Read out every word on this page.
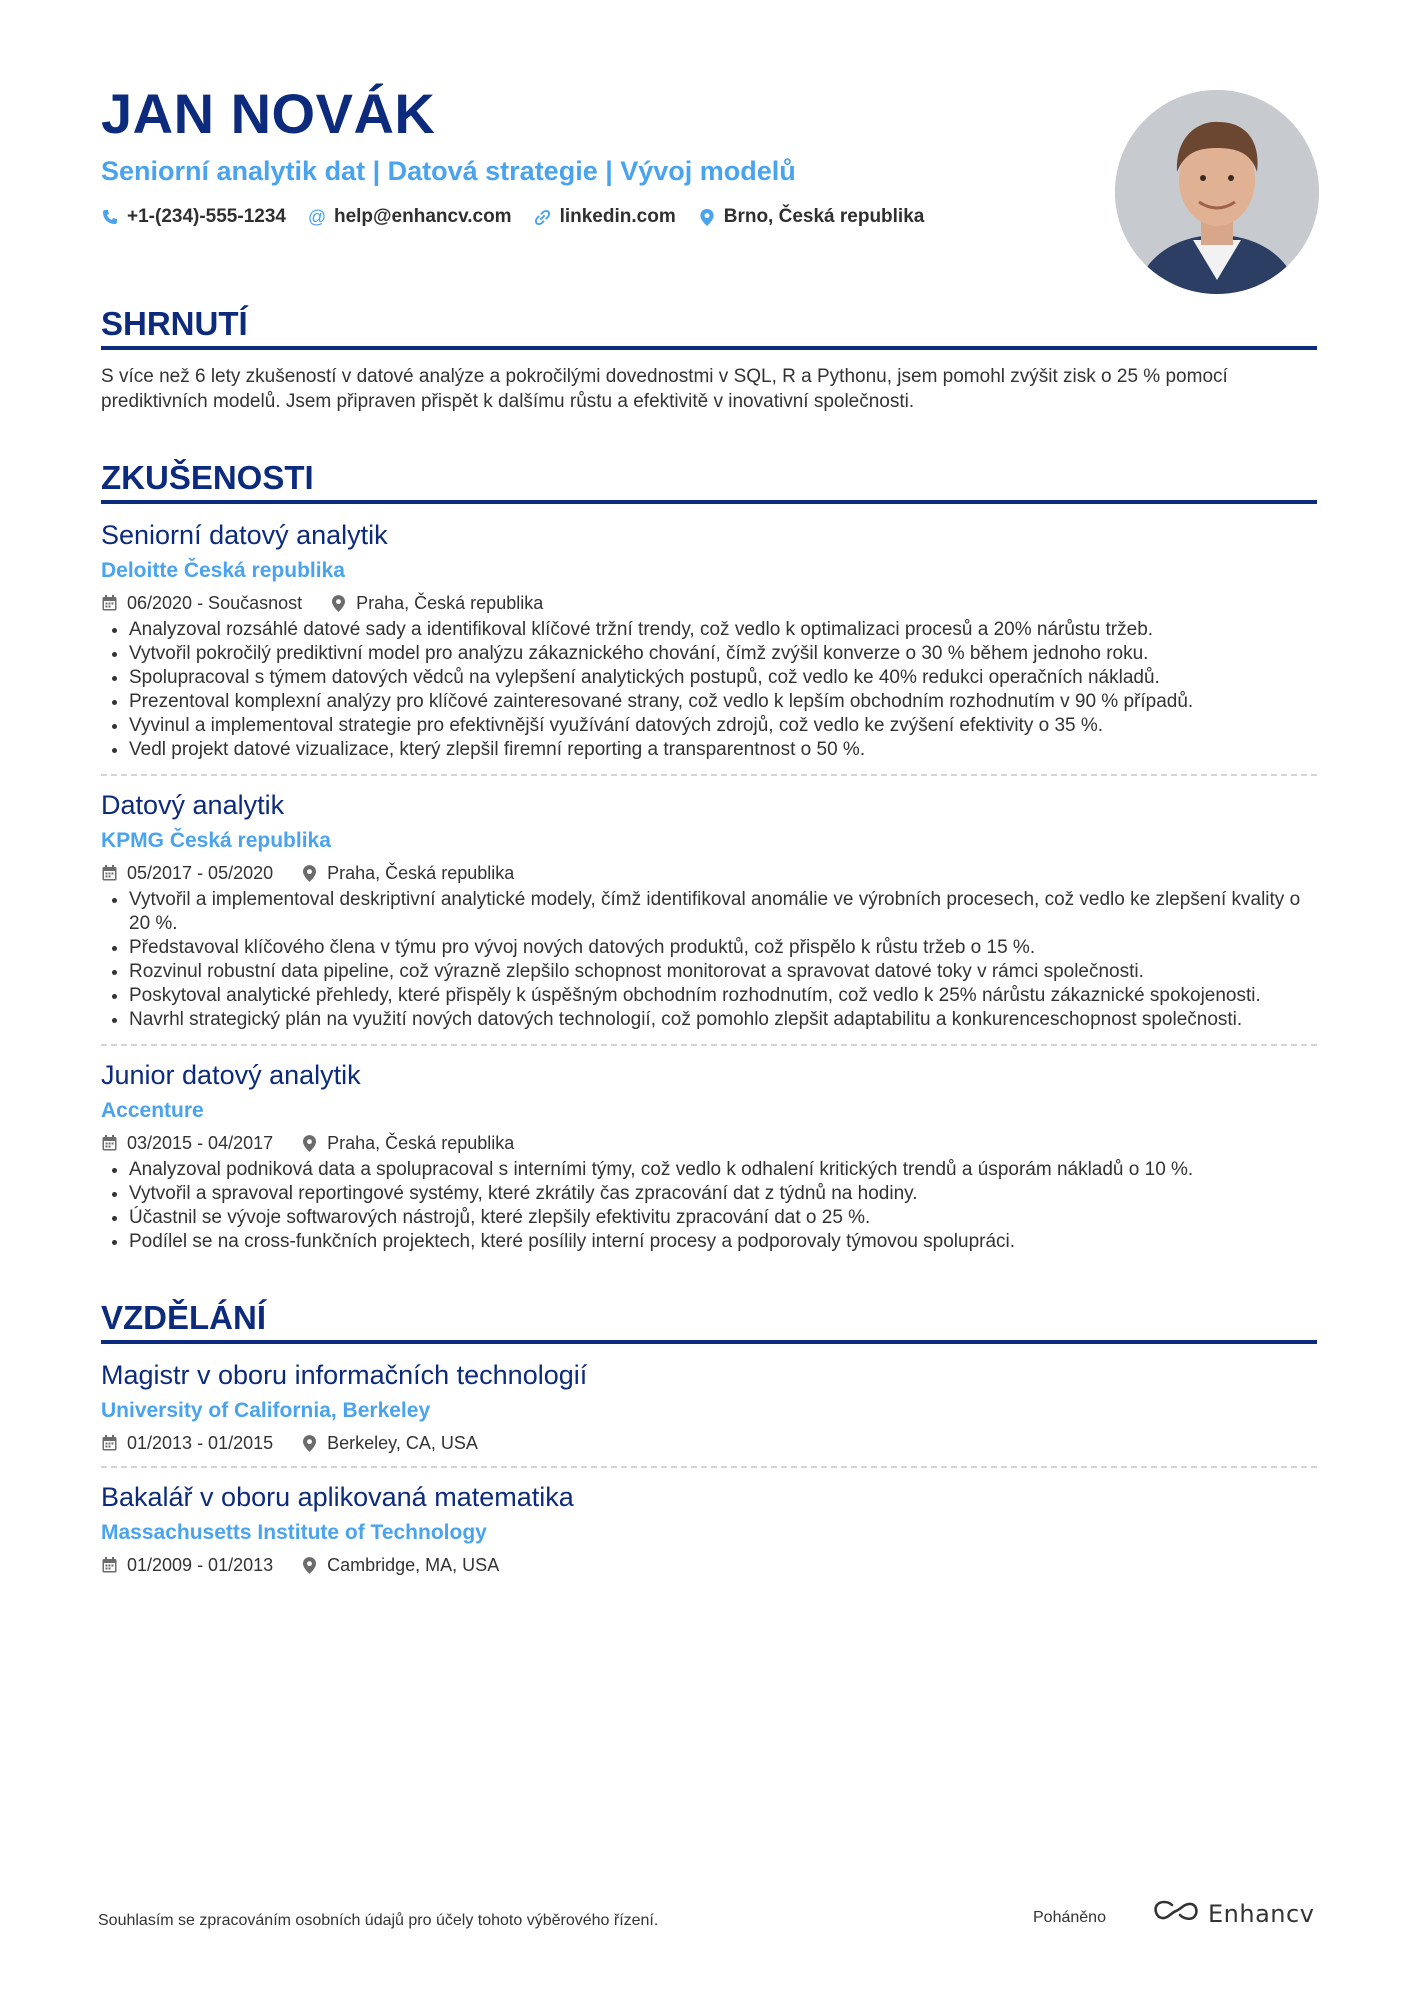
JAN NOVÁK
Seniorní analytik dat | Datová strategie | Vývoj modelů
+1-(234)-555-1234 @ help@enhancv.com	linkedin.com	Brno, Česká republika
SHRNUTÍ
S více než 6 lety zkušeností v datové analýze a pokročilými dovednostmi v SQL, R a Pythonu, jsem pomohl zvýšit zisk o 25 % pomocí prediktivních modelů. Jsem připraven přispět k dalšímu růstu a efektivitě v inovativní společnosti.
ZKUŠENOSTI
Seniorní datový analytik
Deloitte Česká republika
06/2020 - Současnost	Praha, Česká republika
• Analyzoval rozsáhlé datové sady a identifikoval klíčové tržní trendy, což vedlo k optimalizaci procesů a 20% nárůstu tržeb.
• Vytvořil pokročilý prediktivní model pro analýzu zákaznického chování, čímž zvýšil konverze o 30 % během jednoho roku.
• Spolupracoval s týmem datových vědců na vylepšení analytických postupů, což vedlo ke 40% redukci operačních nákladů.
• Prezentoval komplexní analýzy pro klíčové zainteresované strany, což vedlo k lepším obchodním rozhodnutím v 90 % případů.
• Vyvinul a implementoval strategie pro efektivnější využívání datových zdrojů, což vedlo ke zvýšení efektivity o 35 %.
• Vedl projekt datové vizualizace, který zlepšil firemní reporting a transparentnost o 50 %.
Datový analytik
KPMG Česká republika
05/2017 - 05/2020	Praha, Česká republika
• Vytvořil a implementoval deskriptivní analytické modely, čímž identifikoval anomálie ve výrobních procesech, což vedlo ke zlepšení kvality o 20 %.
• Představoval klíčového člena v týmu pro vývoj nových datových produktů, což přispělo k růstu tržeb o 15 %.
• Rozvinul robustní data pipeline, což výrazně zlepšilo schopnost monitorovat a spravovat datové toky v rámci společnosti.
• Poskytoval analytické přehledy, které přispěly k úspěšným obchodním rozhodnutím, což vedlo k 25% nárůstu zákaznické spokojenosti.
• Navrhl strategický plán na využití nových datových technologií, což pomohlo zlepšit adaptabilitu a konkurenceschopnost společnosti.
Junior datový analytik
Accenture
03/2015 - 04/2017	Praha, Česká republika
• Analyzoval podniková data a spolupracoval s interními týmy, což vedlo k odhalení kritických trendů a úsporám nákladů o 10 %.
• Vytvořil a spravoval reportingové systémy, které zkrátily čas zpracování dat z týdnů na hodiny.
• Účastnil se vývoje softwarových nástrojů, které zlepšily efektivitu zpracování dat o 25 %.
• Podílel se na cross-funkčních projektech, které posílily interní procesy a podporovaly týmovou spolupráci.
VZDĚLÁNÍ
Magistr v oboru informačních technologií
University of California, Berkeley
01/2013 - 01/2015	Berkeley, CA, USA
Bakalář v oboru aplikovaná matematika
Massachusetts Institute of Technology
01/2009 - 01/2013	Cambridge, MA, USA
Souhlasím se zpracováním osobních údajů pro účely tohoto výběrového řízení.	Poháněno	Enhancv
